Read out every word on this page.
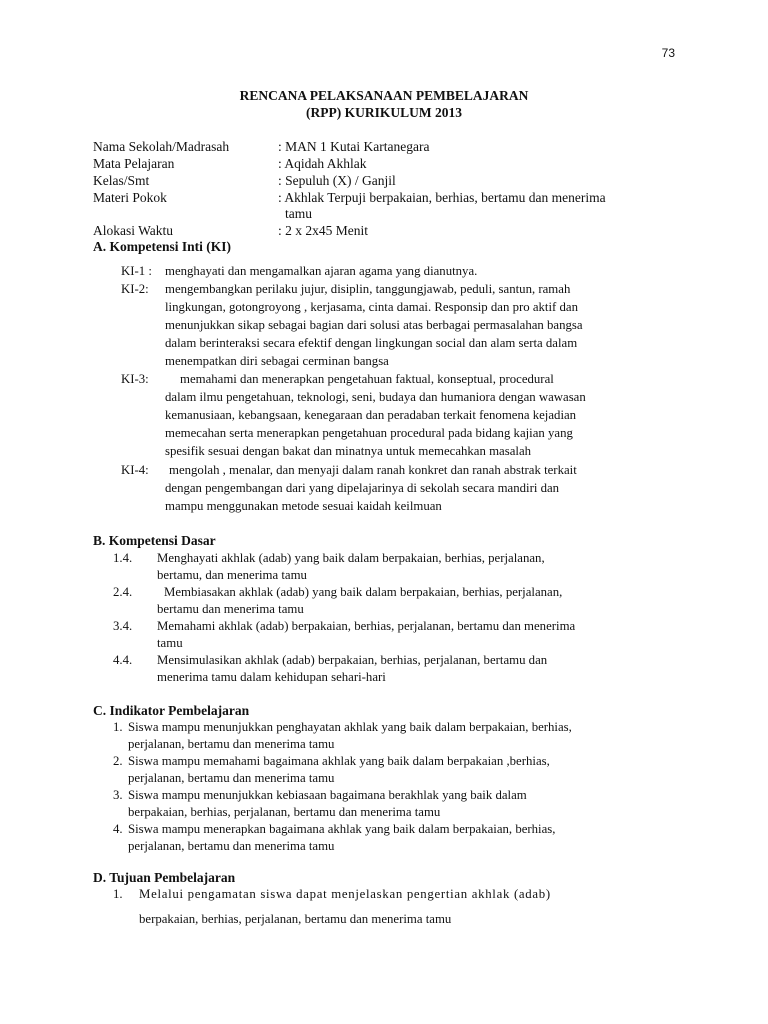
73
RENCANA PELAKSANAAN PEMBELAJARAN
(RPP) KURIKULUM 2013
Nama Sekolah/Madrasah	: MAN 1 Kutai Kartanegara
Mata Pelajaran	: Aqidah Akhlak
Kelas/Smt	: Sepuluh (X) / Ganjil
Materi Pokok	: Akhlak Terpuji berpakaian, berhias, bertamu dan menerima
tamu
Alokasi Waktu	: 2 x 2x45 Menit
A. Kompetensi Inti (KI)
KI-1 : menghayati dan mengamalkan ajaran agama yang dianutnya.
KI-2: mengembangkan perilaku jujur, disiplin, tanggungjawab, peduli, santun, ramah
lingkungan, gotongroyong , kerjasama, cinta damai. Responsip dan pro aktif dan
menunjukkan sikap sebagai bagian dari solusi atas berbagai permasalahan bangsa
dalam berinteraksi secara efektif dengan lingkungan social dan alam serta dalam
menempatkan diri sebagai cerminan bangsa
KI-3: memahami dan menerapkan pengetahuan faktual, konseptual, procedural
dalam ilmu pengetahuan, teknologi, seni, budaya dan humaniora dengan wawasan
kemanusiaan, kebangsaan, kenegaraan dan peradaban terkait fenomena kejadian
memecahan serta menerapkan pengetahuan procedural pada bidang kajian yang
spesifik sesuai dengan bakat dan minatnya untuk memecahkan masalah
KI-4: mengolah , menalar, dan menyaji dalam ranah konkret dan ranah abstrak terkait
dengan pengembangan dari yang dipelajarinya di sekolah secara mandiri dan
mampu menggunakan metode sesuai kaidah keilmuan
B. Kompetensi Dasar
1.4. Menghayati akhlak (adab) yang baik dalam berpakaian, berhias, perjalanan,
bertamu, dan menerima tamu
2.4. Membiasakan akhlak (adab) yang baik dalam berpakaian, berhias, perjalanan,
bertamu dan menerima tamu
3.4. Memahami akhlak (adab) berpakaian, berhias, perjalanan, bertamu dan menerima
tamu
4.4. Mensimulasikan akhlak (adab) berpakaian, berhias, perjalanan, bertamu dan
menerima tamu dalam kehidupan sehari-hari
C. Indikator Pembelajaran
1. Siswa mampu menunjukkan penghayatan akhlak yang baik dalam berpakaian, berhias,
perjalanan, bertamu dan menerima tamu
2. Siswa mampu memahami bagaimana akhlak yang baik dalam berpakaian ,berhias,
perjalanan, bertamu dan menerima tamu
3. Siswa mampu menunjukkan kebiasaan bagaimana berakhlak yang baik dalam
berpakaian, berhias, perjalanan, bertamu dan menerima tamu
4. Siswa mampu menerapkan bagaimana akhlak yang baik dalam berpakaian, berhias,
perjalanan, bertamu dan menerima tamu
D. Tujuan Pembelajaran
1. Melalui pengamatan siswa dapat menjelaskan pengertian akhlak (adab)
berpakaian, berhias, perjalanan, bertamu dan menerima tamu
